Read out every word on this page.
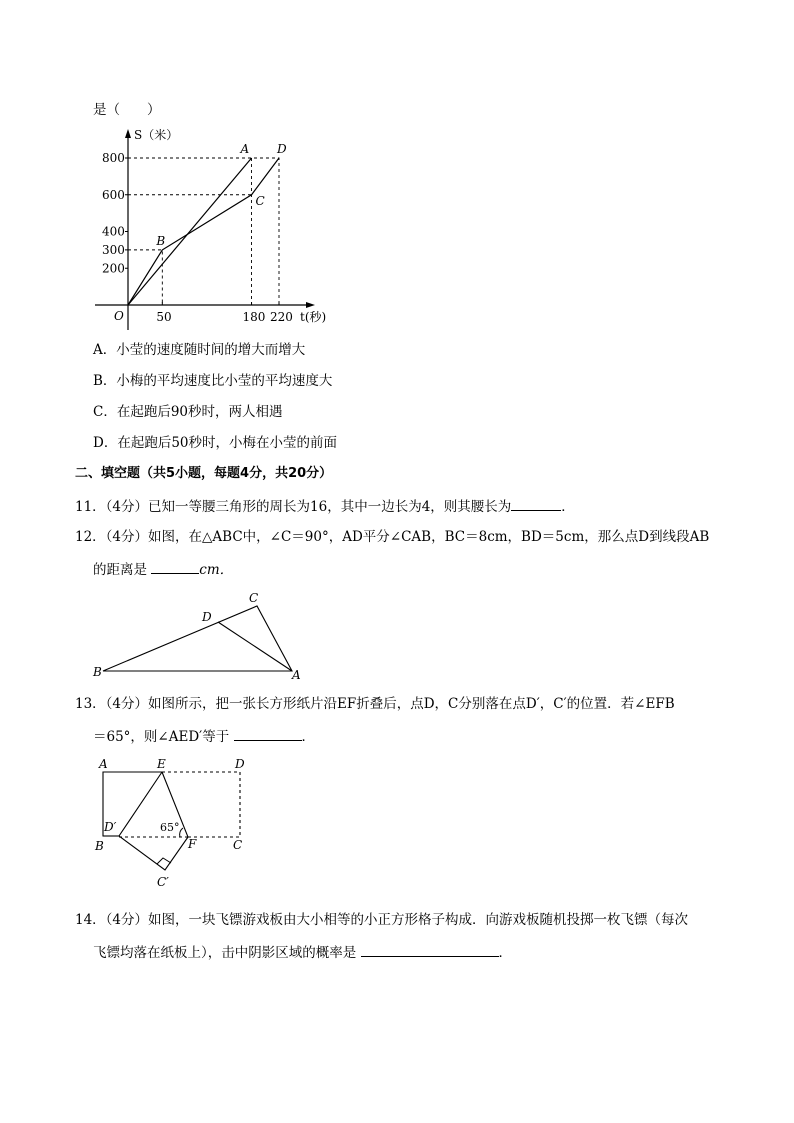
是（　　）
S（米）
t(秒)
O
200
300
400
600
800
50	180 220
A D
C
B
A．小莹的速度随时间的增大而增大
B．小梅的平均速度比小莹的平均速度大
C．在起跑后90秒时，两人相遇
D．在起跑后50秒时，小梅在小莹的前面
二、填空题（共5小题，每题4分，共20分）
11．（4分）已知一等腰三角形的周长为16，其中一边长为4，则其腰长为	．
12．（4分）如图，在△ABC中，∠C＝90°，AD平分∠CAB，BC＝8cm，BD＝5cm，那么点D到线段AB
的距离是	cm．
C
D
B	A
13．（4分）如图所示，把一张长方形纸片沿EF折叠后，点D，C分别落在点D′，C′的位置．若∠EFB
＝65°，则∠AED′等于	．
A	E	D
D′	65°
B	F	C
C′
14．（4分）如图，一块飞镖游戏板由大小相等的小正方形格子构成．向游戏板随机投掷一枚飞镖（每次
飞镖均落在纸板上），击中阴影区域的概率是	．
